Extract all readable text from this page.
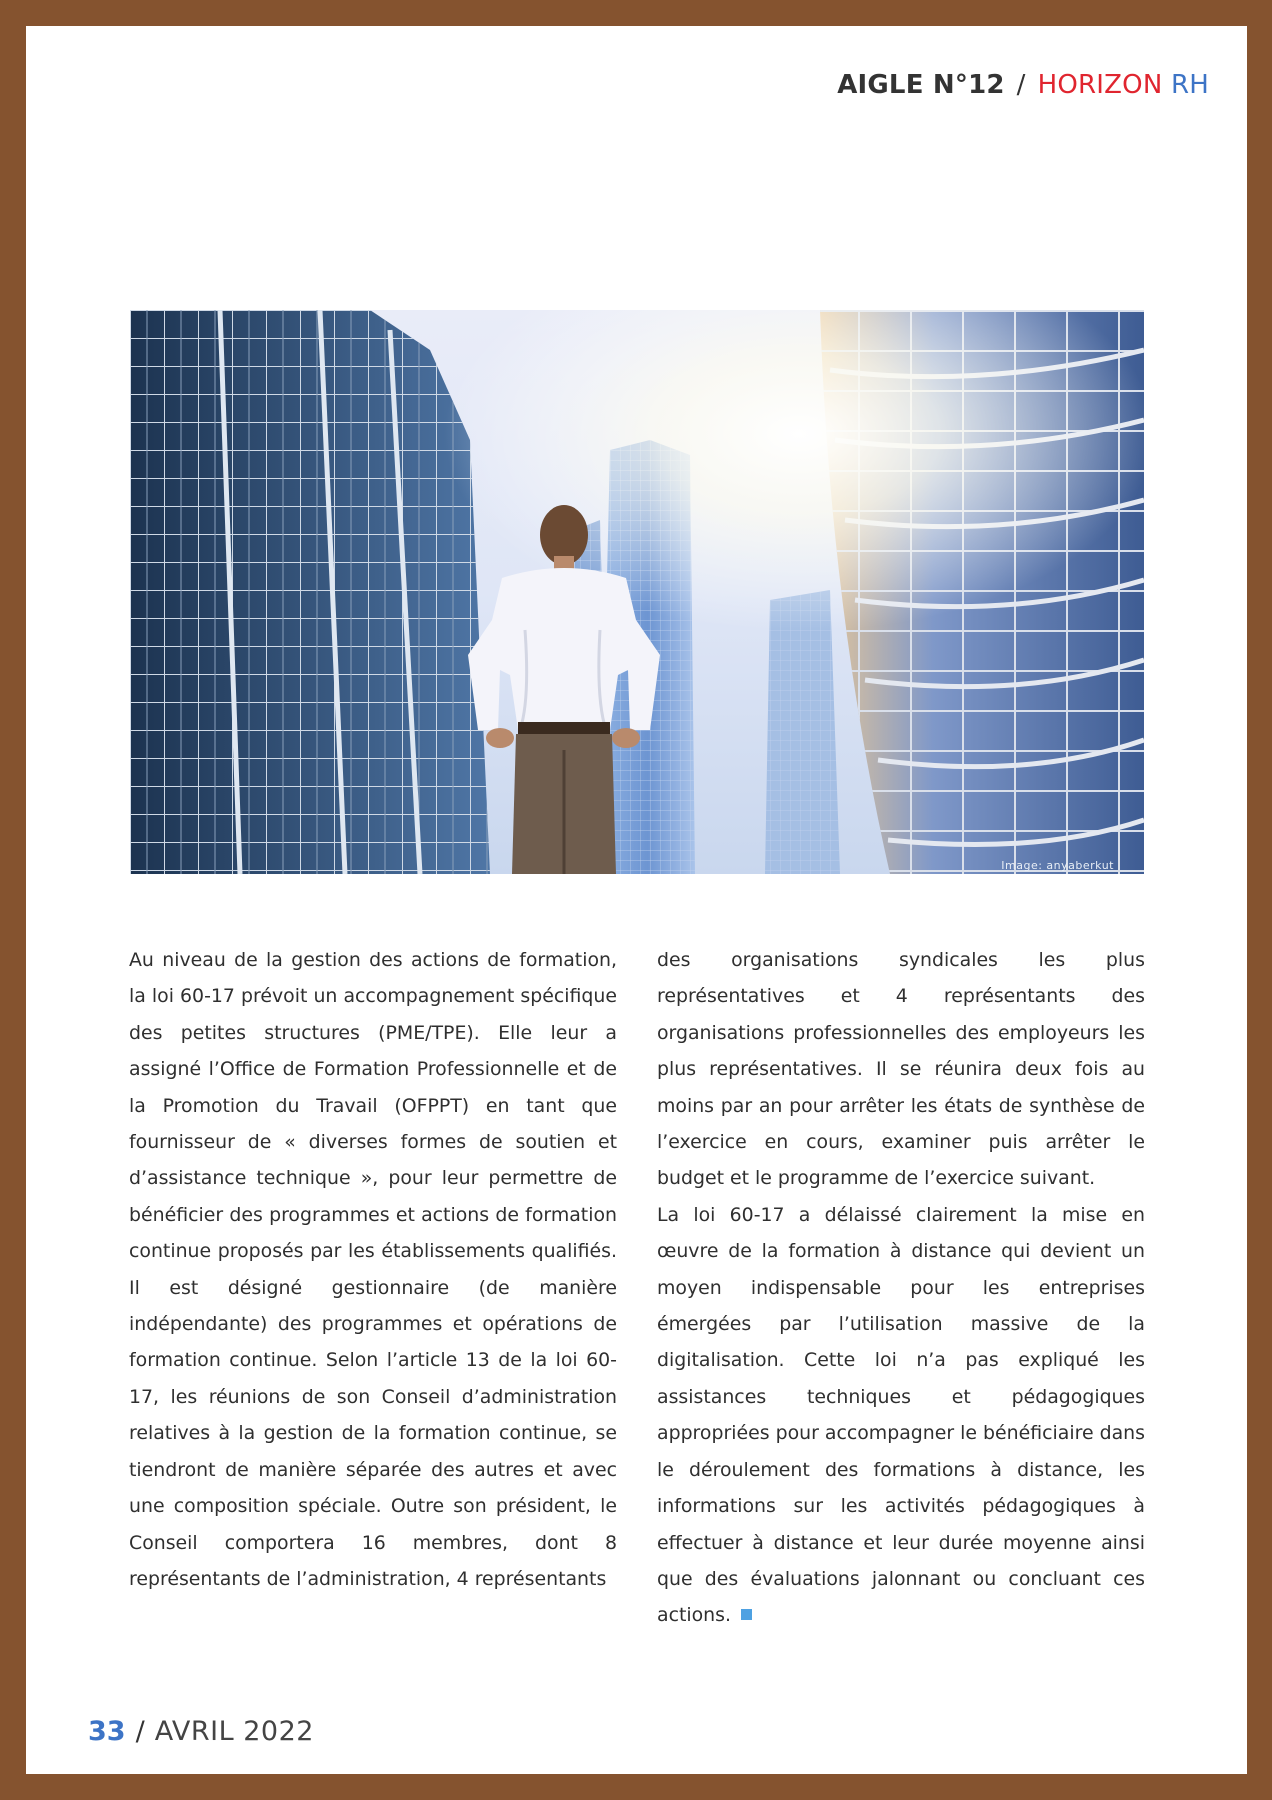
AIGLE N°12 / HORIZON RH
Image: anyaberkut

Au niveau de la gestion des actions de formation, la loi 60-17 prévoit un accompagnement spécifique des petites structures (PME/TPE). Elle leur a assigné l’Office de Formation Professionnelle et de la Promotion du Travail (OFPPT) en tant que fournisseur de « diverses formes de soutien et d’assistance technique », pour leur permettre de bénéficier des programmes et actions de formation continue proposés par les établissements qualifiés. Il est désigné gestionnaire (de manière indépendante) des programmes et opérations de formation continue. Selon l’article 13 de la loi 60-17, les réunions de son Conseil d’administration relatives à la gestion de la formation continue, se tiendront de manière séparée des autres et avec une composition spéciale. Outre son président, le Conseil comportera 16 membres, dont 8 représentants de l’administration, 4 représentants

des organisations syndicales les plus représentatives et 4 représentants des organisations professionnelles des employeurs les plus représentatives. Il se réunira deux fois au moins par an pour arrêter les états de synthèse de l’exercice en cours, examiner puis arrêter le budget et le programme de l’exercice suivant.

La loi 60-17 a délaissé clairement la mise en œuvre de la formation à distance qui devient un moyen indispensable pour les entreprises émergées par l’utilisation massive de la digitalisation. Cette loi n’a pas expliqué les assistances techniques et pédagogiques appropriées pour accompagner le bénéficiaire dans le déroulement des formations à distance, les informations sur les activités pédagogiques à effectuer à distance et leur durée moyenne ainsi que des évaluations jalonnant ou concluant ces actions.

33 / AVRIL 2022
